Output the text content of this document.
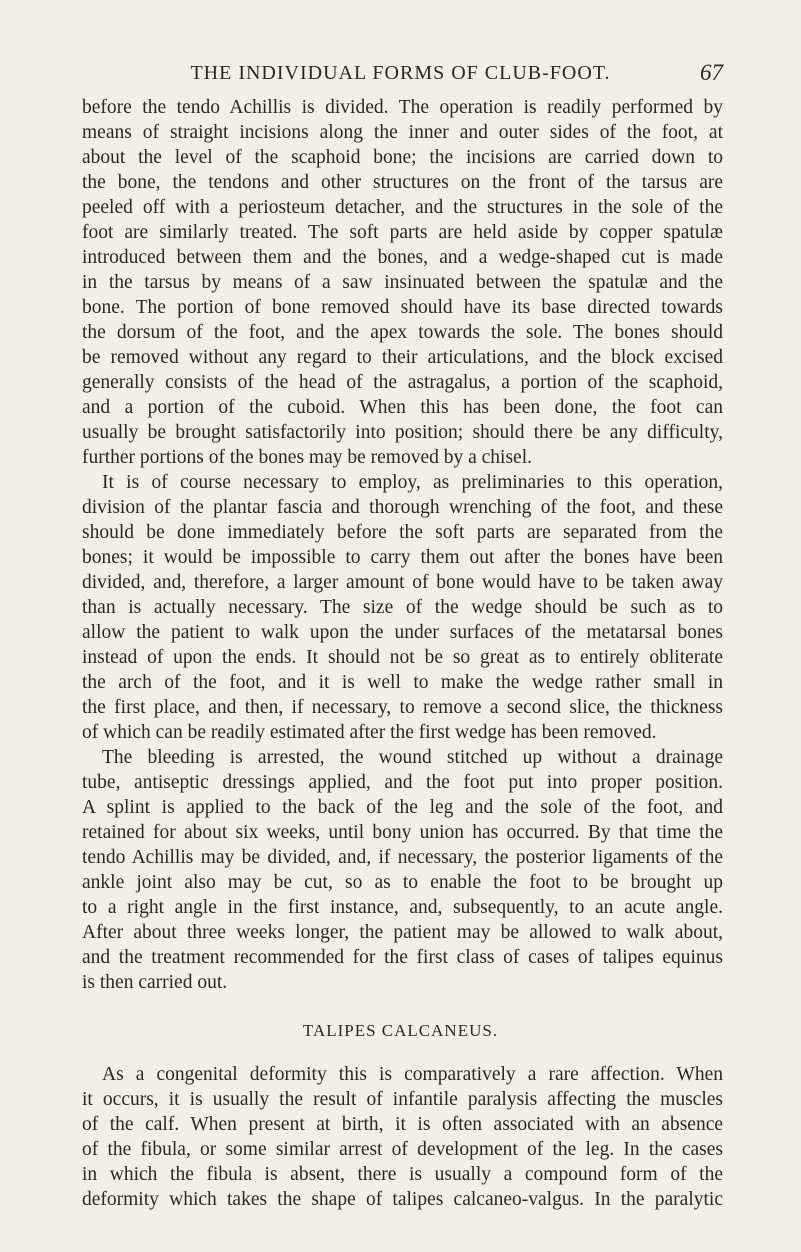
THE INDIVIDUAL FORMS OF CLUB-FOOT.	67
before the tendo Achillis is divided. The operation is readily performed by
means of straight incisions along the inner and outer sides of the foot, at
about the level of the scaphoid bone; the incisions are carried down to
the bone, the tendons and other structures on the front of the tarsus are
peeled off with a periosteum detacher, and the structures in the sole of the
foot are similarly treated. The soft parts are held aside by copper spatulæ
introduced between them and the bones, and a wedge-shaped cut is made
in the tarsus by means of a saw insinuated between the spatulæ and the
bone. The portion of bone removed should have its base directed towards
the dorsum of the foot, and the apex towards the sole. The bones should
be removed without any regard to their articulations, and the block excised
generally consists of the head of the astragalus, a portion of the scaphoid,
and a portion of the cuboid. When this has been done, the foot can
usually be brought satisfactorily into position; should there be any difficulty,
further portions of the bones may be removed by a chisel.
It is of course necessary to employ, as preliminaries to this operation,
division of the plantar fascia and thorough wrenching of the foot, and these
should be done immediately before the soft parts are separated from the
bones; it would be impossible to carry them out after the bones have been
divided, and, therefore, a larger amount of bone would have to be taken away
than is actually necessary. The size of the wedge should be such as to
allow the patient to walk upon the under surfaces of the metatarsal bones
instead of upon the ends. It should not be so great as to entirely obliterate
the arch of the foot, and it is well to make the wedge rather small in
the first place, and then, if necessary, to remove a second slice, the thickness
of which can be readily estimated after the first wedge has been removed.
The bleeding is arrested, the wound stitched up without a drainage
tube, antiseptic dressings applied, and the foot put into proper position.
A splint is applied to the back of the leg and the sole of the foot, and
retained for about six weeks, until bony union has occurred. By that time the
tendo Achillis may be divided, and, if necessary, the posterior ligaments of the
ankle joint also may be cut, so as to enable the foot to be brought up
to a right angle in the first instance, and, subsequently, to an acute angle.
After about three weeks longer, the patient may be allowed to walk about,
and the treatment recommended for the first class of cases of talipes equinus
is then carried out.
TALIPES CALCANEUS.
As a congenital deformity this is comparatively a rare affection. When
it occurs, it is usually the result of infantile paralysis affecting the muscles
of the calf. When present at birth, it is often associated with an absence
of the fibula, or some similar arrest of development of the leg. In the cases
in which the fibula is absent, there is usually a compound form of the
deformity which takes the shape of talipes calcaneo-valgus. In the paralytic
